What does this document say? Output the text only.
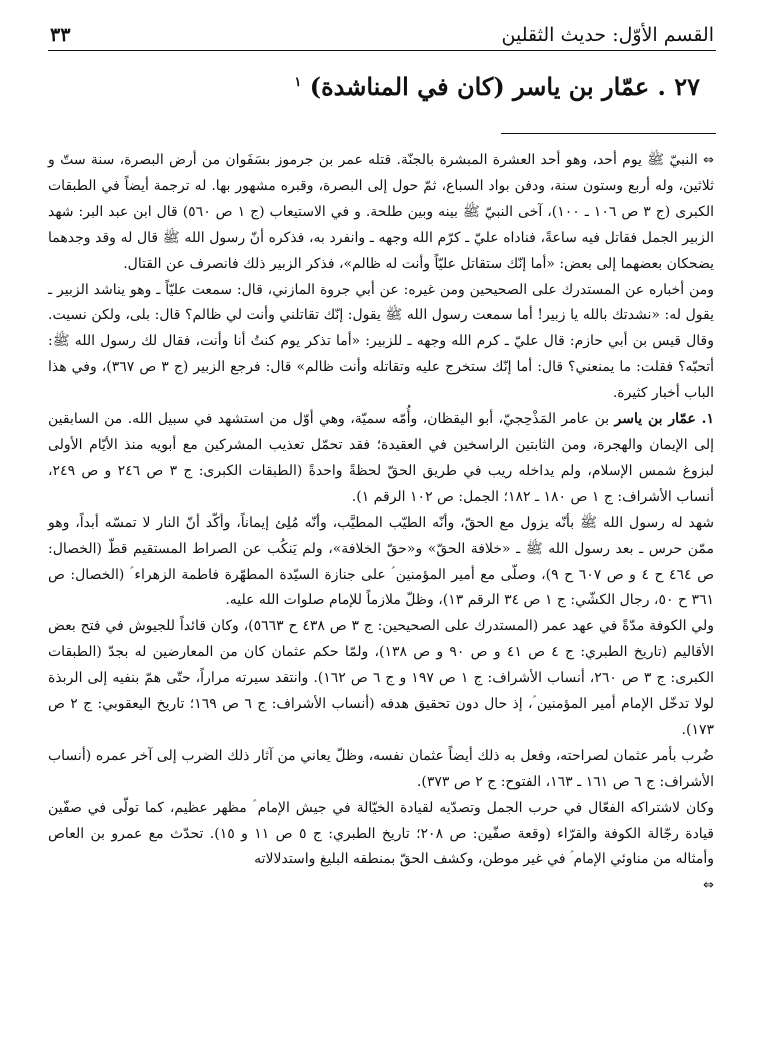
القسم الأوّل: حديث الثقلين
٣٣
٢٧ . عمّار بن ياسر (كان في المناشدة) $^١$

⇔ النبيّ ﷺ يوم أحد، وهو أحد العشرة المبشرة بالجنّة. قتله عمر بن جرموز بسَفَوان من أرض البصرة، سنة ستّ و ثلاثين، وله أربع وستون سنة، ودفن بواد السباع، ثمّ حول إلى البصرة، وقبره مشهور بها. له ترجمة أيضاً في الطبقات الكبرى (ج ٣ ص ١٠٦ ـ ١٠٠)، آخى النبيّ ﷺ بينه وبين طلحة. و في الاستيعاب (ج ١ ص ٥٦٠) قال ابن عبد البر: شهد الزبير الجمل فقاتل فيه ساعةً، فناداه عليّ ـ كرّم الله وجهه ـ وانفرد به، فذكره أنّ رسول الله ﷺ قال له وقد وجدهما يضحكان بعضهما إلى بعض: «أما إنّك ستقاتل عليّاً وأنت له ظالم»، فذكر الزبير ذلك فانصرف عن القتال.

ومن أخباره عن المستدرك على الصحيحين ومن غيره: عن أبي جروة المازني، قال: سمعت عليّاً ـ وهو يناشد الزبير ـ يقول له: «نشدتك بالله يا زبير! أما سمعت رسول الله ﷺ يقول: إنّك تقاتلني وأنت لي ظالم؟ قال: بلى، ولكن نسيت. وقال قيس بن أبي حازم: قال عليّ ـ كرم الله وجهه ـ للزبير: «أما تذكر يوم كنتُ أنا وأنت، فقال لك رسول الله ﷺ: أتحبّه؟ فقلت: ما يمنعني؟ قال: أما إنّك ستخرج عليه وتقاتله وأنت ظالم» قال: فرجع الزبير (ج ٣ ص ٣٦٧)، وفي هذا الباب أخبار كثيرة.

١. عمّار بن ياسر بن عامر المَذْحِجيّ، أبو اليقظان، وأُمّه سميّة، وهي أوّل من استشهد في سبيل الله. من السابقين إلى الإيمان والهجرة، ومن الثابتين الراسخين في العقيدة؛ فقد تحمّل تعذيب المشركين مع أبويه منذ الأيّام الأولى لبزوغ شمس الإسلام، ولم يداخله ريب في طريق الحقّ لحظةً واحدةً (الطبقات الكبرى: ج ٣ ص ٢٤٦ و ص ٢٤٩، أنساب الأشراف: ج ١ ص ١٨٠ ـ ١٨٢؛ الجمل: ص ١٠٢ الرقم ١).

شهد له رسول الله ﷺ بأنّه يزول مع الحقّ، وأنّه الطيّب المطيَّب، وأنّه مُلِئ إيماناً، وأكّد أنّ النار لا تمسّه أبداً، وهو ممّن حرس ـ بعد رسول الله ﷺ ـ «خلافة الحقّ» و«حقّ الخلافة»، ولم يَنكُب عن الصراط المستقيم قطّ (الخصال: ص ٤٦٤ ح ٤ و ص ٦٠٧ ح ٩)، وصلّى مع أمير المؤمنين ؑ على جنازة السيّدة المطهّرة فاطمة الزهراء ؑ (الخصال: ص ٣٦١ ح ٥٠، رجال الكشّي: ج ١ ص ٣٤ الرقم ١٣)، وظلّ ملازماً للإمام صلوات الله عليه.

ولي الكوفة مدّةً في عهد عمر (المستدرك على الصحيحين: ج ٣ ص ٤٣٨ ح ٥٦٦٣)، وكان قائداً للجيوش في فتح بعض الأقاليم (تاريخ الطبري: ج ٤ ص ٤١ و ص ٩٠ و ص ١٣٨)، ولمّا حكم عثمان كان من المعارضين له بجدّ (الطبقات الكبرى: ج ٣ ص ٢٦٠، أنساب الأشراف: ج ١ ص ١٩٧ و ج ٦ ص ١٦٢). وانتقد سيرته مراراً، حتّى همّ بنفيه إلى الربذة لولا تدخّل الإمام أمير المؤمنين ؑ، إذ حال دون تحقيق هدفه (أنساب الأشراف: ج ٦ ص ١٦٩؛ تاريخ اليعقوبي: ج ٢ ص ١٧٣).

ضُرب بأمر عثمان لصراحته، وفعل به ذلك أيضاً عثمان نفسه، وظلّ يعاني من آثار ذلك الضرب إلى آخر عمره (أنساب الأشراف: ج ٦ ص ١٦١ ـ ١٦٣، الفتوح: ج ٢ ص ٣٧٣).

وكان لاشتراكه الفعّال في حرب الجمل وتصدّيه لقيادة الخيّالة في جيش الإمام ؑ مظهر عظيم، كما تولّى في صفّين قيادة رجّالة الكوفة والقرّاء (وقعة صفّين: ص ٢٠٨؛ تاريخ الطبري: ج ٥ ص ١١ و ١٥). تحدّث مع عمرو بن العاص وأمثاله من مناوئي الإمام ؑ في غير موطن، وكشف الحقّ بمنطقه البليغ واستدلالاته
⇔
